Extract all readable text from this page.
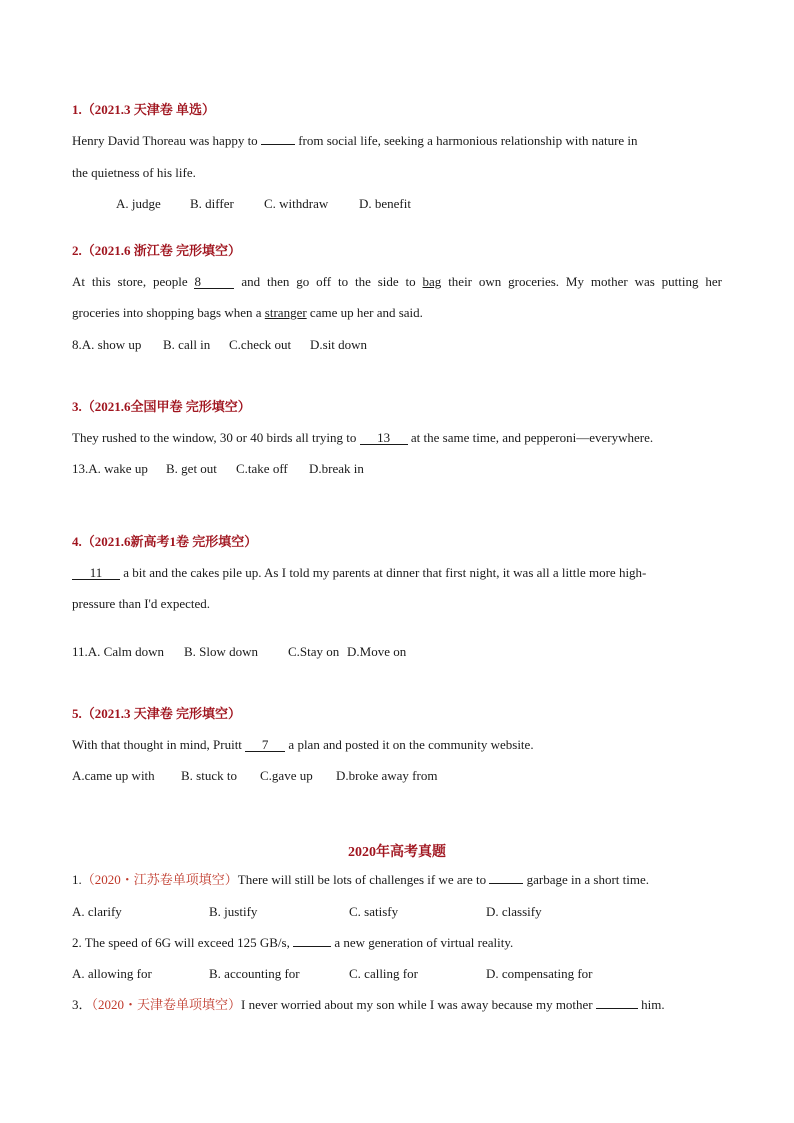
1.（2021.3 天津卷 单选）
Henry David Thoreau was happy to	from social life, seeking a harmonious relationship with nature in
the quietness of his life.
A. judge B. differ C. withdraw D. benefit
2.（2021.6 浙江卷 完形填空）
At this store, people 8	and then go off to the side to bag their own groceries. My mother was putting her
groceries into shopping bags when a stranger came up her and said.
8.A. show up B. call in C.check out D.sit down
3.（2021.6全国甲卷 完形填空）
They rushed to the window, 30 or 40 birds all trying to 13 at the same time, and pepperoni—everywhere.
13.A. wake up B. get out C.take off D.break in
4.（2021.6新高考1卷 完形填空）
11 a bit and the cakes pile up. As I told my parents at dinner that first night, it was all a little more high-
pressure than I'd expected.
11.A. Calm down B. Slow down C.Stay on D.Move on
5.（2021.3 天津卷 完形填空）
With that thought in mind, Pruitt 7 a plan and posted it on the community website.
A.came up with B. stuck to C.gave up D.broke away from
2020年高考真题
1.（2020・江苏卷单项填空）There will still be lots of challenges if we are to	garbage in a short time.
A. clarify	B. justify	C. satisfy	D. classify
2. The speed of 6G will exceed 125 GB/s,	a new generation of virtual reality.
A. allowing for	B. accounting for	C. calling for	D. compensating for
3．（2020・天津卷单项填空）I never worried about my son while I was away because my mother	him.
